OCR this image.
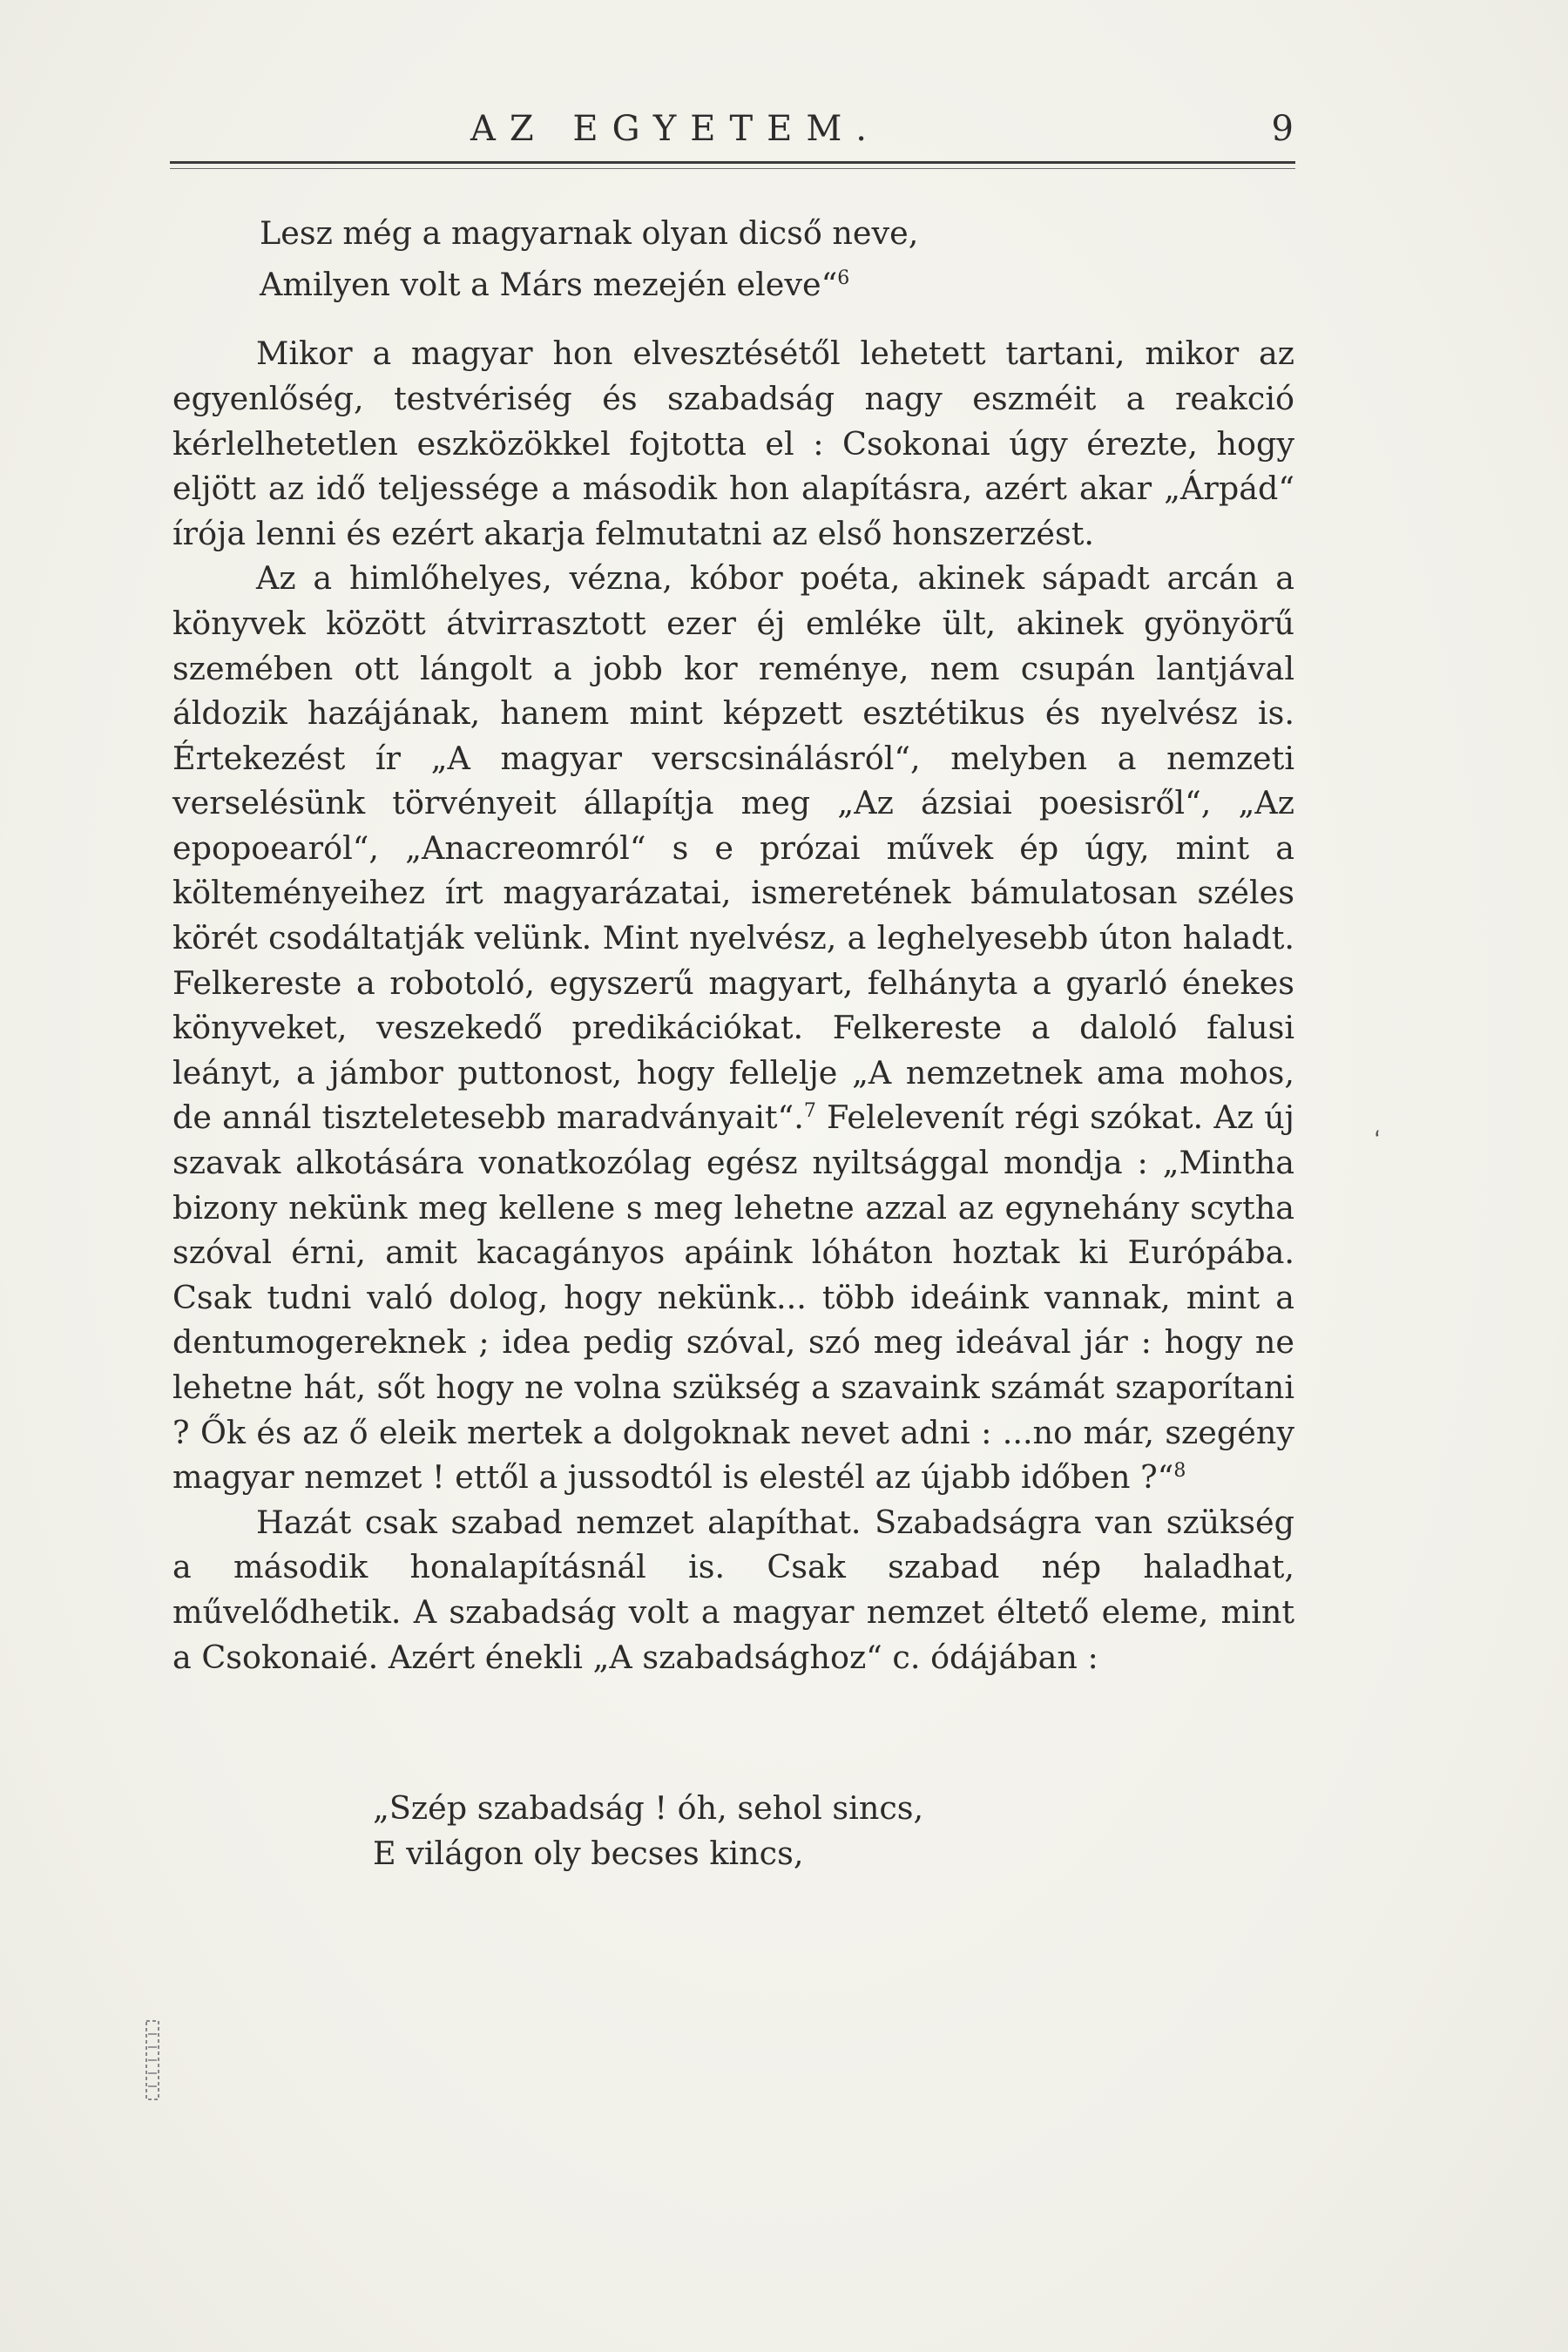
AZ EGYETEM.	9
Lesz még a magyarnak olyan dicső neve,
Amilyen volt a Márs mezején eleve“$^6$

Mikor a magyar hon elvesztésétől lehetett tartani, mikor az egyenlőség, testvériség és szabadság nagy eszméit a reakció kérlelhetetlen eszközökkel fojtotta el : Csokonai úgy érezte, hogy eljött az idő teljessége a második hon alapításra, azért akar „Árpád“ írója lenni és ezért akarja felmutatni az első honszerzést.

Az a himlőhelyes, vézna, kóbor poéta, akinek sápadt arcán a könyvek között átvirrasztott ezer éj emléke ült, akinek gyönyörű szemében ott lángolt a jobb kor reménye, nem csupán lantjával áldozik hazájának, hanem mint képzett esztétikus és nyelvész is. Értekezést ír „A magyar verscsinálásról“, melyben a nemzeti verselésünk törvényeit állapítja meg „Az ázsiai poesisről“, „Az epopoearól“, „Anacreomról“ s e prózai művek ép úgy, mint a költeményeihez írt magyarázatai, ismeretének bámulatosan széles körét csodáltatják velünk. Mint nyelvész, a leghelyesebb úton haladt. Felkereste a robotoló, egyszerű magyart, felhányta a gyarló énekes könyveket, veszekedő predikációkat. Felkereste a daloló falusi leányt, a jámbor puttonost, hogy fellelje „A nemzetnek ama mohos, de annál tiszteletesebb maradványait“.$^7$ Felelevenít régi szókat. Az új szavak alkotására vonatkozólag egész nyiltsággal mondja : „Mintha bizony nekünk meg kellene s meg lehetne azzal az egynehány scytha szóval érni, amit kacagányos apáink lóháton hoztak ki Európába. Csak tudni való dolog, hogy nekünk... több ideáink vannak, mint a dentumogereknek ; idea pedig szóval, szó meg ideával jár : hogy ne lehetne hát, sőt hogy ne volna szükség a szavaink számát szaporítani ? Ők és az ő eleik mertek a dolgoknak nevet adni : ...no már, szegény magyar nemzet ! ettől a jussodtól is elestél az újabb időben ?“$^8$

Hazát csak szabad nemzet alapíthat. Szabadságra van szükség a második honalapításnál is. Csak szabad nép haladhat, művelődhetik. A szabadság volt a magyar nemzet éltető eleme, mint a Csokonaié. Azért énekli „A szabadsághoz“ c. ódájában :

„Szép szabadság ! óh, sehol sincs,
E világon oly becses kincs,
‘
